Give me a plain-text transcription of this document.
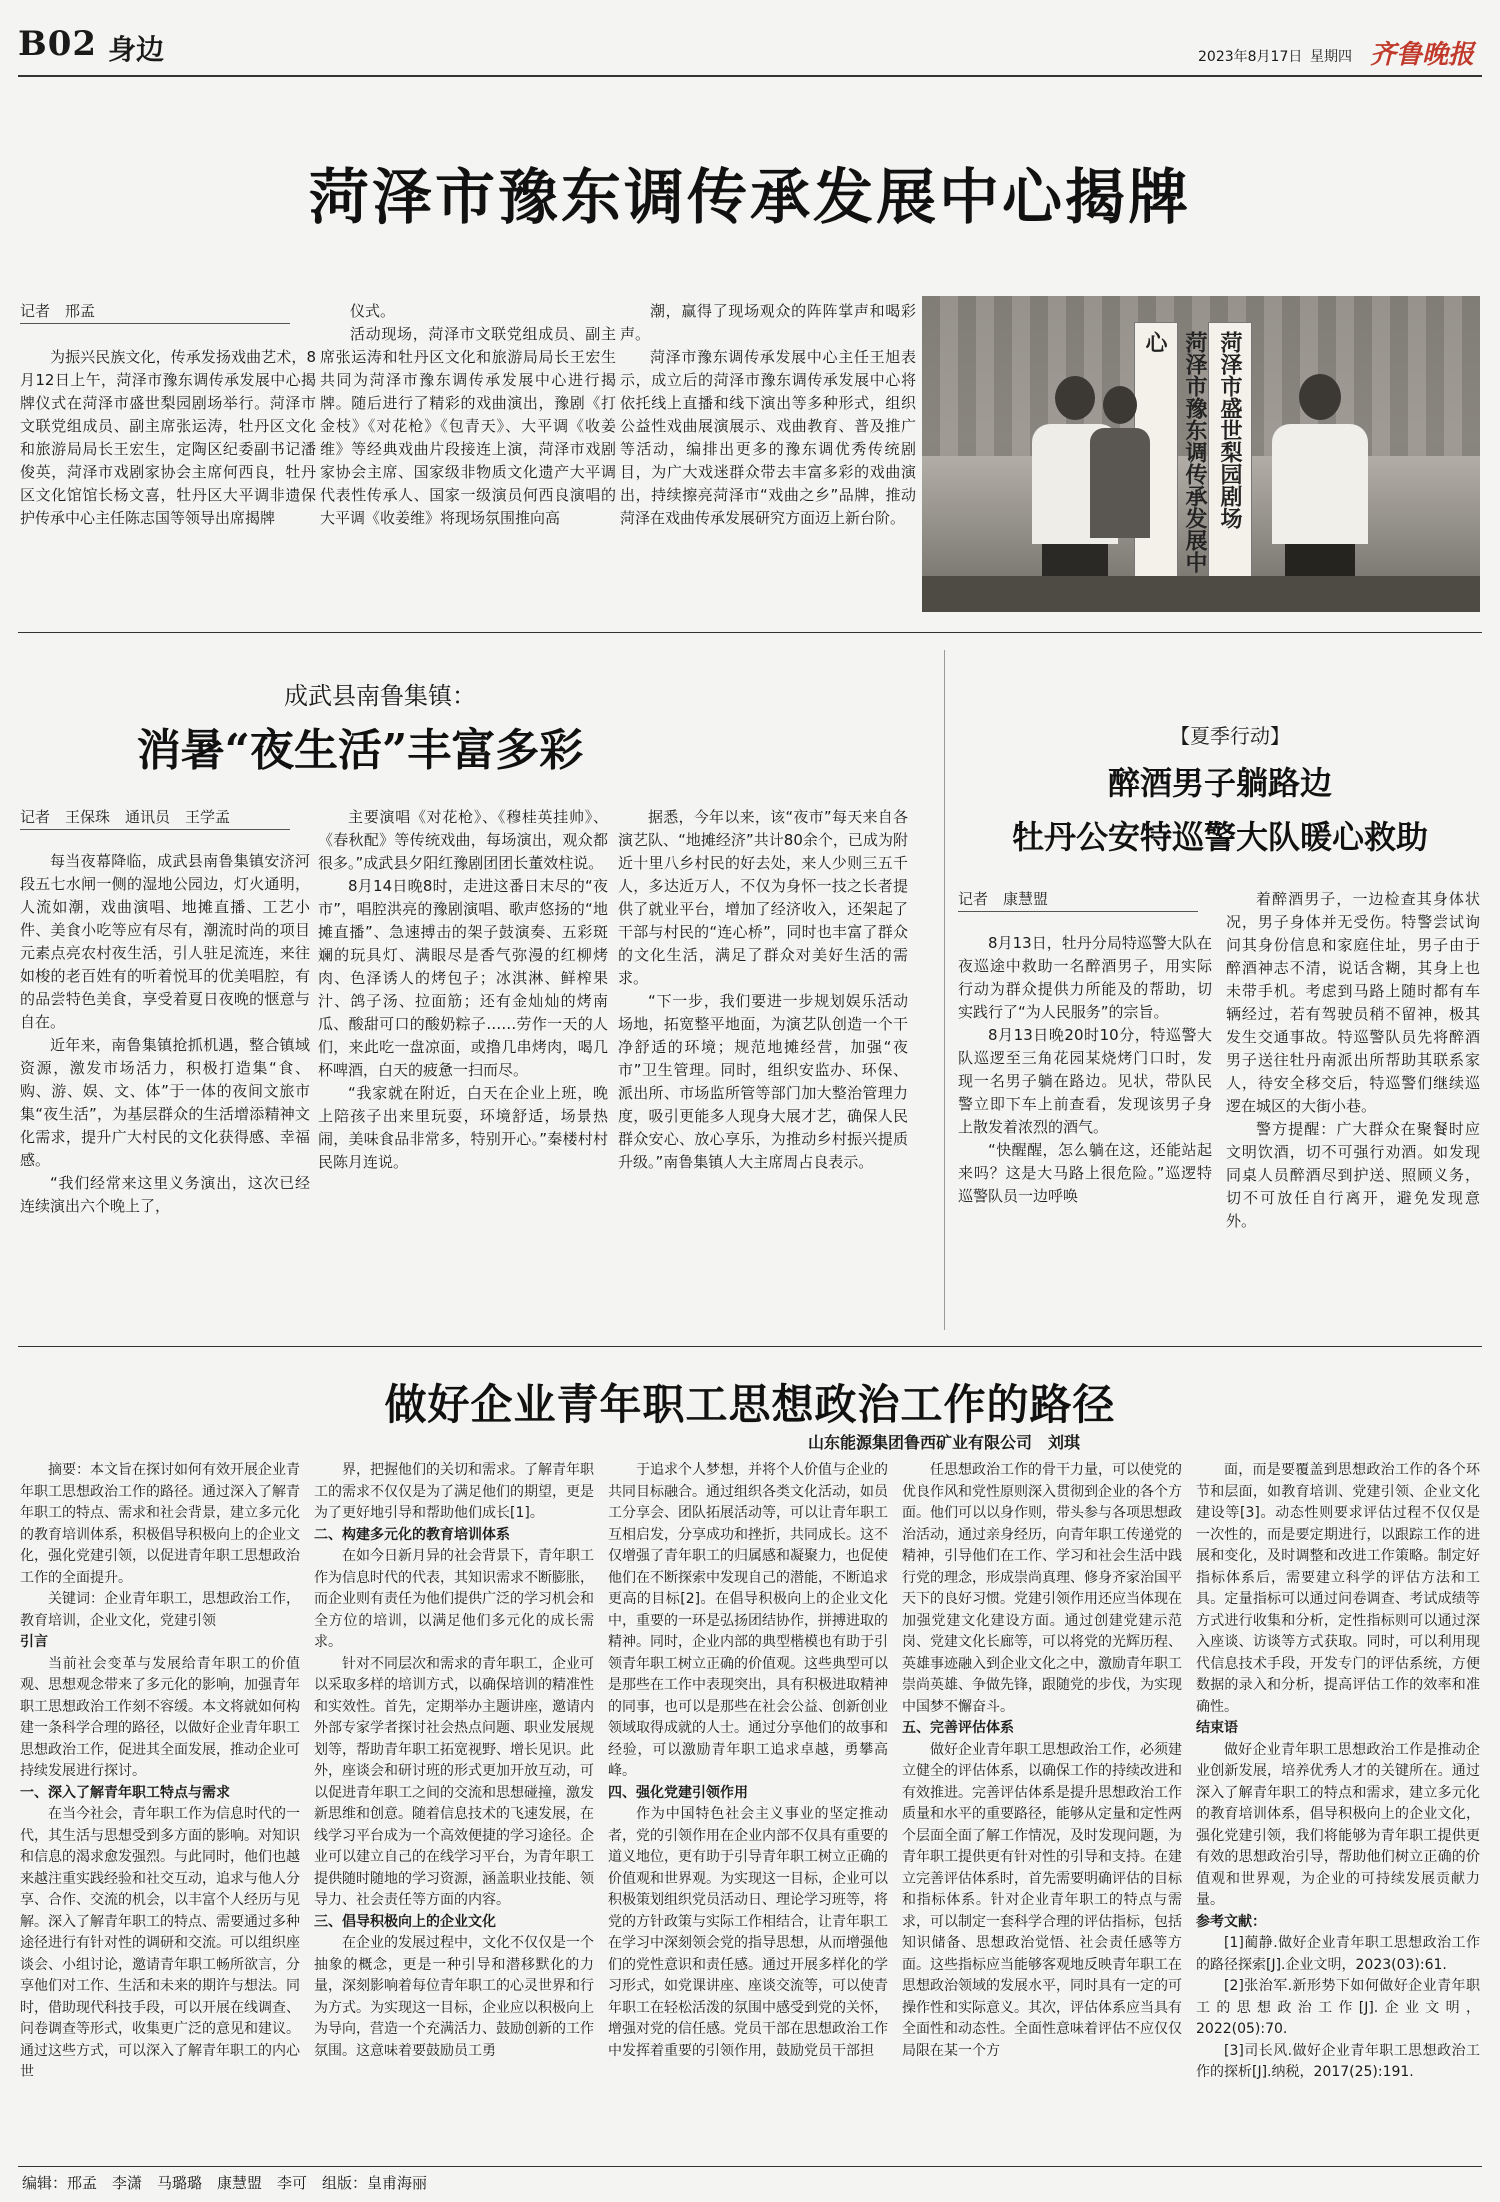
B02 身边	2023年8月17日 星期四 齐鲁晚报
菏泽市豫东调传承发展中心揭牌
记者　邢孟

为振兴民族文化，传承发扬戏曲艺术，8月12日上午，菏泽市豫东调传承发展中心揭牌仪式在菏泽市盛世梨园剧场举行。菏泽市文联党组成员、副主席张运涛，牡丹区文化和旅游局局长王宏生，定陶区纪委副书记潘俊英，菏泽市戏剧家协会主席何西良，牡丹区文化馆馆长杨文喜，牡丹区大平调非遗保护传承中心主任陈志国等领导出席揭牌

仪式。

活动现场，菏泽市文联党组成员、副主席张运涛和牡丹区文化和旅游局局长王宏生共同为菏泽市豫东调传承发展中心进行揭牌。随后进行了精彩的戏曲演出，豫剧《打金枝》《对花枪》《包青天》、大平调《收姜维》等经典戏曲片段接连上演，菏泽市戏剧家协会主席、国家级非物质文化遗产大平调代表性传承人、国家一级演员何西良演唱的大平调《收姜维》将现场氛围推向高

潮，赢得了现场观众的阵阵掌声和喝彩声。

菏泽市豫东调传承发展中心主任王旭表示，成立后的菏泽市豫东调传承发展中心将依托线上直播和线下演出等多种形式，组织公益性戏曲展演展示、戏曲教育、普及推广等活动，编排出更多的豫东调优秀传统剧目，为广大戏迷群众带去丰富多彩的戏曲演出，持续擦亮菏泽市“戏曲之乡”品牌，推动菏泽在戏曲传承发展研究方面迈上新台阶。	菏泽市豫东调传承发展中心	菏泽市盛世梨园剧场
成武县南鲁集镇：
消暑“夜生活”丰富多彩
记者　王保珠　通讯员　王学孟

每当夜幕降临，成武县南鲁集镇安济河段五七水闸一侧的湿地公园边，灯火通明，人流如潮，戏曲演唱、地摊直播、工艺小件、美食小吃等应有尽有，潮流时尚的项目元素点亮农村夜生活，引人驻足流连，来往如梭的老百姓有的听着悦耳的优美唱腔，有的品尝特色美食，享受着夏日夜晚的惬意与自在。

近年来，南鲁集镇抢抓机遇，整合镇域资源，激发市场活力，积极打造集“食、购、游、娱、文、体”于一体的夜间文旅市集“夜生活”，为基层群众的生活增添精神文化需求，提升广大村民的文化获得感、幸福感。

“我们经常来这里义务演出，这次已经连续演出六个晚上了，

主要演唱《对花枪》、《穆桂英挂帅》、《春秋配》等传统戏曲，每场演出，观众都很多。”成武县夕阳红豫剧团团长董效柱说。

8月14日晚8时，走进这番日末尽的“夜市”，唱腔洪亮的豫剧演唱、歌声悠扬的“地摊直播”、急速搏击的架子鼓演奏、五彩斑斓的玩具灯、满眼尽是香气弥漫的红柳烤肉、色泽诱人的烤包子；冰淇淋、鲜榨果汁、鸽子汤、拉面筋；还有金灿灿的烤南瓜、酸甜可口的酸奶粽子……劳作一天的人们，来此吃一盘凉面，或撸几串烤肉，喝几杯啤酒，白天的疲惫一扫而尽。

“我家就在附近，白天在企业上班，晚上陪孩子出来里玩耍，环境舒适，场景热闹，美味食品非常多，特别开心。”秦楼村村民陈月连说。

据悉，今年以来，该“夜市”每天来自各演艺队、“地摊经济”共计80余个，已成为附近十里八乡村民的好去处，来人少则三五千人，多达近万人，不仅为身怀一技之长者提供了就业平台，增加了经济收入，还架起了干部与村民的“连心桥”，同时也丰富了群众的文化生活，满足了群众对美好生活的需求。

“下一步，我们要进一步规划娱乐活动场地，拓宽整平地面，为演艺队创造一个干净舒适的环境；规范地摊经营，加强“夜市”卫生管理。同时，组织安监办、环保、派出所、市场监所管等部门加大整治管理力度，吸引更能多人现身大展才艺，确保人民群众安心、放心享乐，为推动乡村振兴提质升级。”南鲁集镇人大主席周占良表示。

【夏季行动】
醉酒男子躺路边
牡丹公安特巡警大队暖心救助
记者　康慧盟

8月13日，牡丹分局特巡警大队在夜巡途中救助一名醉酒男子，用实际行动为群众提供力所能及的帮助，切实践行了“为人民服务”的宗旨。

8月13日晚20时10分，特巡警大队巡逻至三角花园某烧烤门口时，发现一名男子躺在路边。见状，带队民警立即下车上前查看，发现该男子身上散发着浓烈的酒气。

“快醒醒，怎么躺在这，还能站起来吗？这是大马路上很危险。”巡逻特巡警队员一边呼唤

着醉酒男子，一边检查其身体状况，男子身体并无受伤。特警尝试询问其身份信息和家庭住址，男子由于醉酒神志不清，说话含糊，其身上也未带手机。考虑到马路上随时都有车辆经过，若有驾驶员稍不留神，极其发生交通事故。特巡警队员先将醉酒男子送往牡丹南派出所帮助其联系家人，待安全移交后，特巡警们继续巡逻在城区的大街小巷。

警方提醒：广大群众在聚餐时应文明饮酒，切不可强行劝酒。如发现同桌人员醉酒尽到护送、照顾义务，切不可放任自行离开，避免发现意外。

做好企业青年职工思想政治工作的路径
山东能源集团鲁西矿业有限公司　刘琪

摘要：本文旨在探讨如何有效开展企业青年职工思想政治工作的路径。通过深入了解青年职工的特点、需求和社会背景，建立多元化的教育培训体系，积极倡导积极向上的企业文化，强化党建引领，以促进青年职工思想政治工作的全面提升。

关键词：企业青年职工，思想政治工作，教育培训，企业文化，党建引领

引言

当前社会变革与发展给青年职工的价值观、思想观念带来了多元化的影响，加强青年职工思想政治工作刻不容缓。本文将就如何构建一条科学合理的路径，以做好企业青年职工思想政治工作，促进其全面发展，推动企业可持续发展进行探讨。

一、深入了解青年职工特点与需求

在当今社会，青年职工作为信息时代的一代，其生活与思想受到多方面的影响。对知识和信息的渴求愈发强烈。与此同时，他们也越来越注重实践经验和社交互动，追求与他人分享、合作、交流的机会，以丰富个人经历与见解。深入了解青年职工的特点、需要通过多种途径进行有针对性的调研和交流。可以组织座谈会、小组讨论，邀请青年职工畅所欲言，分享他们对工作、生活和未来的期许与想法。同时，借助现代科技手段，可以开展在线调查、问卷调查等形式，收集更广泛的意见和建议。通过这些方式，可以深入了解青年职工的内心世

界，把握他们的关切和需求。了解青年职工的需求不仅仅是为了满足他们的期望，更是为了更好地引导和帮助他们成长[1]。

二、构建多元化的教育培训体系

在如今日新月异的社会背景下，青年职工作为信息时代的代表，其知识需求不断膨胀，而企业则有责任为他们提供广泛的学习机会和全方位的培训，以满足他们多元化的成长需求。

针对不同层次和需求的青年职工，企业可以采取多样的培训方式，以确保培训的精准性和实效性。首先，定期举办主题讲座，邀请内外部专家学者探讨社会热点问题、职业发展规划等，帮助青年职工拓宽视野、增长见识。此外，座谈会和研讨班的形式更加开放互动，可以促进青年职工之间的交流和思想碰撞，激发新思维和创意。随着信息技术的飞速发展，在线学习平台成为一个高效便捷的学习途径。企业可以建立自己的在线学习平台，为青年职工提供随时随地的学习资源，涵盖职业技能、领导力、社会责任等方面的内容。

三、倡导积极向上的企业文化

在企业的发展过程中，文化不仅仅是一个抽象的概念，更是一种引导和潜移默化的力量，深刻影响着每位青年职工的心灵世界和行为方式。为实现这一目标，企业应以积极向上为导向，营造一个充满活力、鼓励创新的工作氛围。这意味着要鼓励员工勇

于追求个人梦想，并将个人价值与企业的共同目标融合。通过组织各类文化活动，如员工分享会、团队拓展活动等，可以让青年职工互相启发，分享成功和挫折，共同成长。这不仅增强了青年职工的归属感和凝聚力，也促使他们在不断探索中发现自己的潜能，不断追求更高的目标[2]。在倡导积极向上的企业文化中，重要的一环是弘扬团结协作，拼搏进取的精神。同时，企业内部的典型楷模也有助于引领青年职工树立正确的价值观。这些典型可以是那些在工作中表现突出，具有积极进取精神的同事，也可以是那些在社会公益、创新创业领域取得成就的人士。通过分享他们的故事和经验，可以激励青年职工追求卓越，勇攀高峰。

四、强化党建引领作用

作为中国特色社会主义事业的坚定推动者，党的引领作用在企业内部不仅具有重要的道义地位，更有助于引导青年职工树立正确的价值观和世界观。为实现这一目标，企业可以积极策划组织党员活动日、理论学习班等，将党的方针政策与实际工作相结合，让青年职工在学习中深刻领会党的指导思想，从而增强他们的党性意识和责任感。通过开展多样化的学习形式，如党课讲座、座谈交流等，可以使青年职工在轻松活泼的氛围中感受到党的关怀，增强对党的信任感。党员干部在思想政治工作中发挥着重要的引领作用，鼓励党员干部担

任思想政治工作的骨干力量，可以使党的优良作风和党性原则深入贯彻到企业的各个方面。他们可以以身作则，带头参与各项思想政治活动，通过亲身经历，向青年职工传递党的精神，引导他们在工作、学习和社会生活中践行党的理念，形成崇尚真理、修身齐家治国平天下的良好习惯。党建引领作用还应当体现在加强党建文化建设方面。通过创建党建示范岗、党建文化长廊等，可以将党的光辉历程、英雄事迹融入到企业文化之中，激励青年职工崇尚英雄、争做先锋，跟随党的步伐，为实现中国梦不懈奋斗。

五、完善评估体系

做好企业青年职工思想政治工作，必须建立健全的评估体系，以确保工作的持续改进和有效推进。完善评估体系是提升思想政治工作质量和水平的重要路径，能够从定量和定性两个层面全面了解工作情况，及时发现问题，为青年职工提供更有针对性的引导和支持。在建立完善评估体系时，首先需要明确评估的目标和指标体系。针对企业青年职工的特点与需求，可以制定一套科学合理的评估指标，包括知识储备、思想政治觉悟、社会责任感等方面。这些指标应当能够客观地反映青年职工在思想政治领域的发展水平，同时具有一定的可操作性和实际意义。其次，评估体系应当具有全面性和动态性。全面性意味着评估不应仅仅局限在某一个方

面，而是要覆盖到思想政治工作的各个环节和层面，如教育培训、党建引领、企业文化建设等[3]。动态性则要求评估过程不仅仅是一次性的，而是要定期进行，以跟踪工作的进展和变化，及时调整和改进工作策略。制定好指标体系后，需要建立科学的评估方法和工具。定量指标可以通过问卷调查、考试成绩等方式进行收集和分析，定性指标则可以通过深入座谈、访谈等方式获取。同时，可以利用现代信息技术手段，开发专门的评估系统，方便数据的录入和分析，提高评估工作的效率和准确性。

结束语

做好企业青年职工思想政治工作是推动企业创新发展，培养优秀人才的关键所在。通过深入了解青年职工的特点和需求，建立多元化的教育培训体系，倡导积极向上的企业文化，强化党建引领，我们将能够为青年职工提供更有效的思想政治引导，帮助他们树立正确的价值观和世界观，为企业的可持续发展贡献力量。

参考文献：

[1]蔺静.做好企业青年职工思想政治工作的路径探索[J].企业文明，2023(03):61.

[2]张治军.新形势下如何做好企业青年职工的思想政治工作[J].企业文明，2022(05):70.

[3]司长风.做好企业青年职工思想政治工作的探析[J].纳税，2017(25):191.

编辑：邢孟　李潇　马璐璐　康慧盟　李可　组版：皇甫海丽
